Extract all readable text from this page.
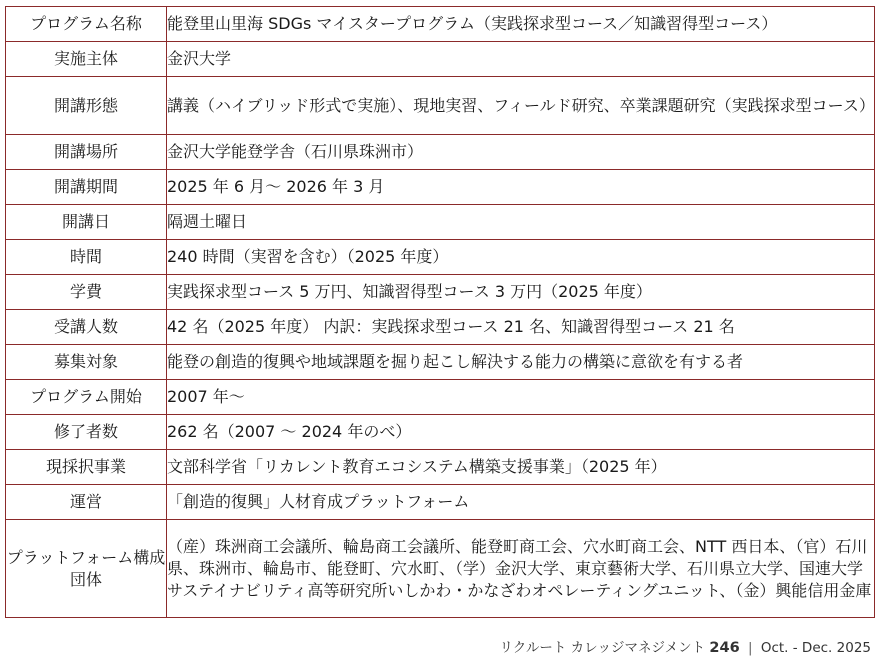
プログラム名称	能登里山里海 SDGs マイスタープログラム（実践探求型コース／知識習得型コース）
実施主体	金沢大学
開講形態	講義（ハイブリッド形式で実施）、現地実習、フィールド研究、卒業課題研究（実践探求型コース）
開講場所	金沢大学能登学舎（石川県珠洲市）
開講期間	2025 年 6 月～ 2026 年 3 月
開講日	隔週土曜日
時間	240 時間（実習を含む）（2025 年度）
学費	実践探求型コース 5 万円、知識習得型コース 3 万円（2025 年度）
受講人数	42 名（2025 年度） 内訳：実践探求型コース 21 名、知識習得型コース 21 名
募集対象	能登の創造的復興や地域課題を掘り起こし解決する能力の構築に意欲を有する者
プログラム開始	2007 年～
修了者数	262 名（2007 ～ 2024 年のべ）
現採択事業	文部科学省「リカレント教育エコシステム構築支援事業」（2025 年）
運営	「創造的復興」人材育成プラットフォーム
プラットフォーム構成団体	（産）珠洲商工会議所、輪島商工会議所、能登町商工会、穴水町商工会、NTT 西日本、（官）石川県、珠洲市、輪島市、能登町、穴水町、（学）金沢大学、東京藝術大学、石川県立大学、国連大学サステイナビリティ高等研究所いしかわ・かなざわオペレーティングユニット、（金）興能信用金庫
リクルート カレッジマネジメント 246 | Oct. - Dec. 2025
